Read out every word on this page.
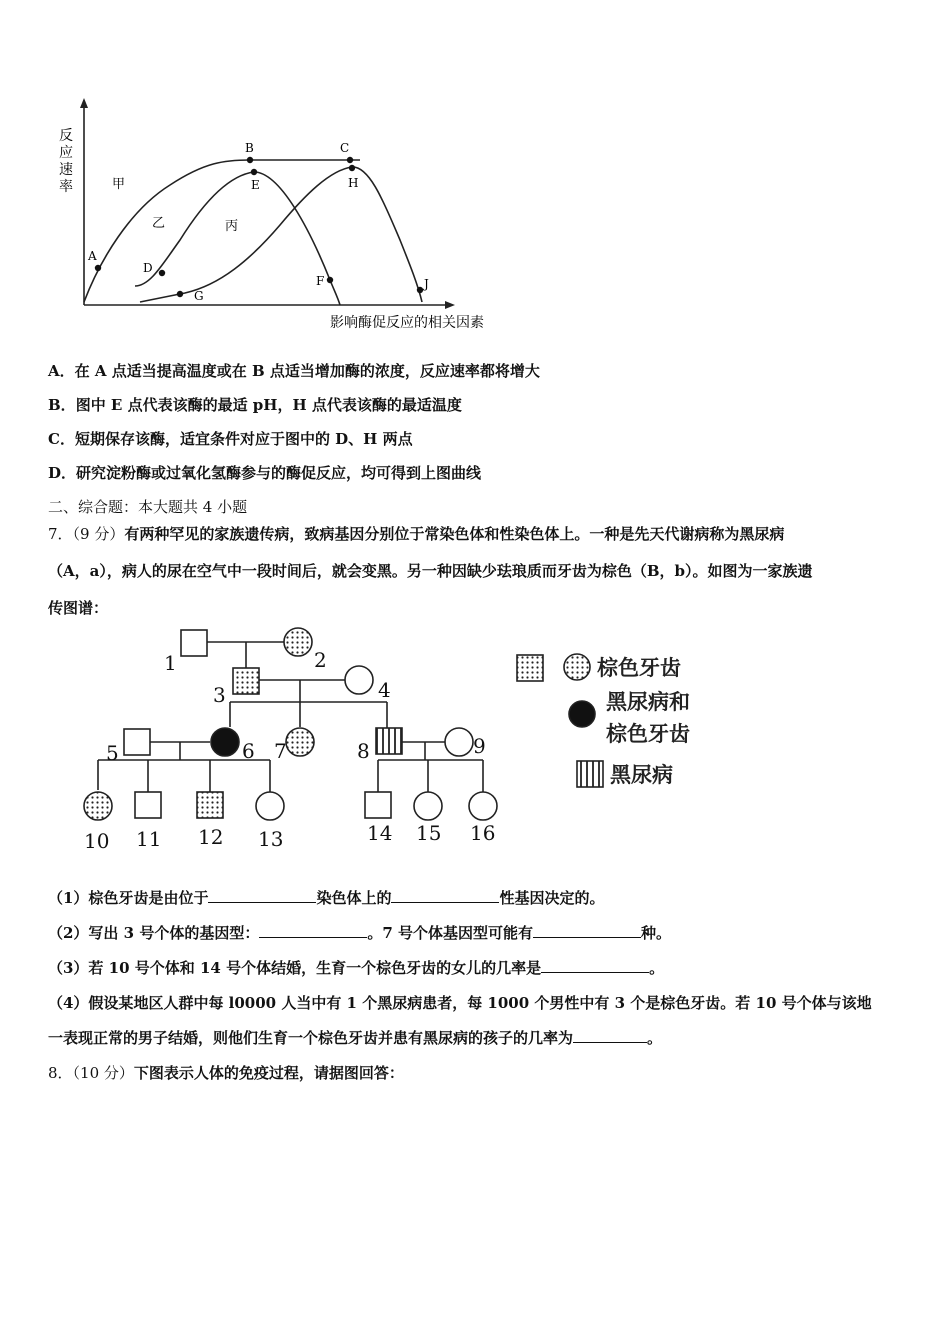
反
应
速
率
影响酶促反应的相关因素
A
B	C
D
E
F
G
H
J
甲
乙	丙
A．在 A 点适当提高温度或在 B 点适当增加酶的浓度，反应速率都将增大
B．图中 E 点代表该酶的最适 pH，H 点代表该酶的最适温度
C．短期保存该酶，适宜条件对应于图中的 D、H 两点
D．研究淀粉酶或过氧化氢酶参与的酶促反应，均可得到上图曲线
二、综合题：本大题共 4 小题
7．（9 分）有两种罕见的家族遗传病，致病基因分别位于常染色体和性染色体上。一种是先天代谢病称为黑尿病
（A，a），病人的尿在空气中一段时间后，就会变黑。另一种因缺少珐琅质而牙齿为棕色（B，b）。如图为一家族遗
传图谱：
1	2
3	4
5	6 7	8	9
10 11 12 13	14 15 16
棕色牙齿
黑尿病和
棕色牙齿
黑尿病
（1）棕色牙齿是由位于	染色体上的	性基因决定的。
（2）写出 3 号个体的基因型：	。7 号个体基因型可能有	种。
（3）若 10 号个体和 14 号个体结婚，生育一个棕色牙齿的女儿的几率是	。
（4）假设某地区人群中每 l0000 人当中有 1 个黑尿病患者，每 1000 个男性中有 3 个是棕色牙齿。若 10 号个体与该地
一表现正常的男子结婚，则他们生育一个棕色牙齿并患有黑尿病的孩子的几率为	。
8．（10 分）下图表示人体的免疫过程，请据图回答：
